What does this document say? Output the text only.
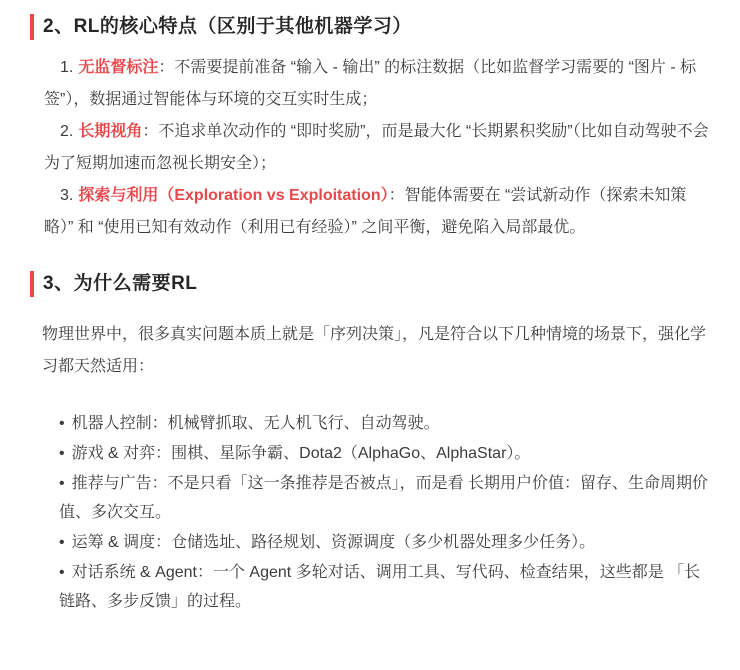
2、RL的核心特点（区别于其他机器学习）

1. 无监督标注：不需要提前准备 “输入 - 输出” 的标注数据（比如监督学习需要的 “图片 - 标签”），数据通过智能体与环境的交互实时生成；

2. 长期视角：不追求单次动作的 “即时奖励”，而是最大化 “长期累积奖励”（比如自动驾驶不会为了短期加速而忽视长期安全）；

3. 探索与利用（Exploration vs Exploitation）：智能体需要在 “尝试新动作（探索未知策略）” 和 “使用已知有效动作（利用已有经验）” 之间平衡，避免陷入局部最优。

3、为什么需要RL

物理世界中，很多真实问题本质上就是「序列决策」，凡是符合以下几种情境的场景下，强化学习都天然适用：

• 机器人控制：机械臂抓取、无人机飞行、自动驾驶。
• 游戏 & 对弈：围棋、星际争霸、Dota2（AlphaGo、AlphaStar）。
• 推荐与广告：不是只看「这一条推荐是否被点」，而是看 长期用户价值：留存、生命周期价值、多次交互。
• 运筹 & 调度：仓储选址、路径规划、资源调度（多少机器处理多少任务）。
• 对话系统 & Agent：一个 Agent 多轮对话、调用工具、写代码、检查结果，这些都是 「长链路、多步反馈」的过程。
